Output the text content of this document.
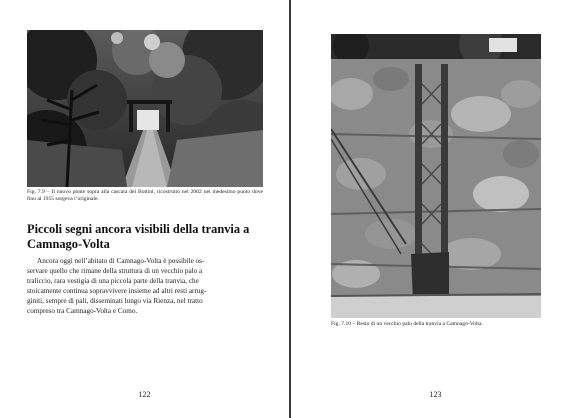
Fig. 7.9 – Il nuovo ponte sopra alla cascata dei Bottini, ricostruito nel 2002 nel medesimo punto dove fino al 1955 sorgeva l’originale.
Piccoli segni ancora visibili della tranvia a Camnago-Volta
Ancora oggi nell’abitato di Camnago-Volta è possibile os-
servare quello che rimane della struttura di un vecchio palo a
traliccio, rara vestigia di una piccola parte della tranvia, che
stoicamente continua sopravvivere insieme ad altri resti arrug-
giniti, sempre di pali, disseminati lungo via Rienza, nel tratto
compreso tra Camnago-Volta e Como.
122
Fig. 7.10 – Resto di un vecchio palo della tranvia a Camnago-Volta.
123
